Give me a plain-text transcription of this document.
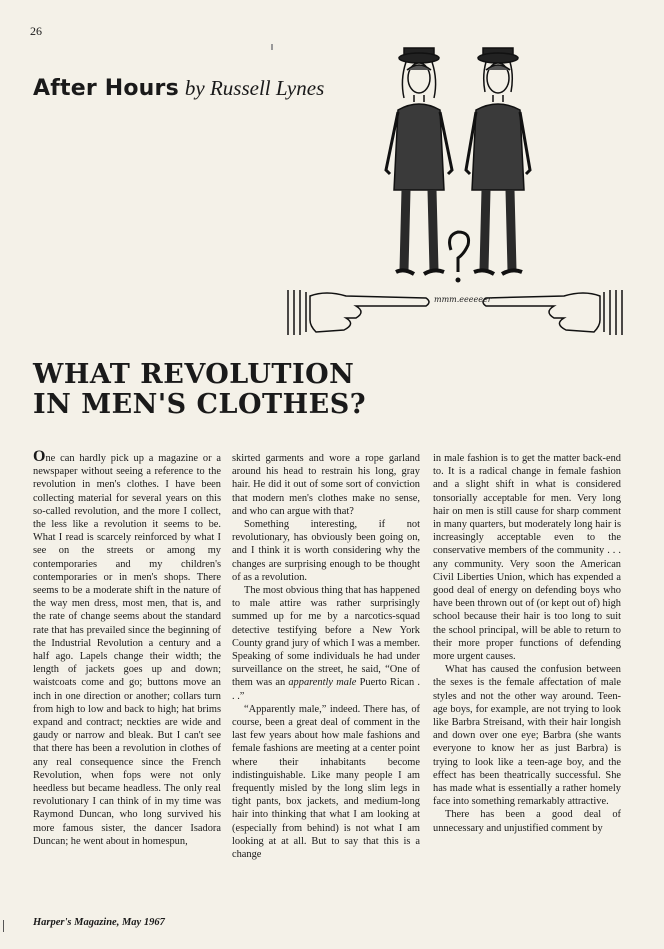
26
After Hours by Russell Lynes
mmm.eeeeeer
WHAT REVOLUTION
IN MEN'S CLOTHES?

One can hardly pick up a magazine or a newspaper without seeing a reference to the revolution in men's clothes. I have been collecting material for several years on this so-called revolution, and the more I collect, the less like a revolution it seems to be. What I read is scarcely reinforced by what I see on the streets or among my contemporaries and my children's contemporaries or in men's shops. There seems to be a moderate shift in the nature of the way men dress, most men, that is, and the rate of change seems about the standard rate that has prevailed since the beginning of the Industrial Revolution a century and a half ago. Lapels change their width; the length of jackets goes up and down; waistcoats come and go; buttons move an inch in one direction or another; collars turn from high to low and back to high; hat brims expand and contract; neckties are wide and gaudy or narrow and bleak. But I can't see that there has been a revolution in clothes of any real consequence since the French Revolution, when fops were not only heedless but became headless. The only real revolutionary I can think of in my time was Raymond Duncan, who long survived his more famous sister, the dancer Isadora Duncan; he went about in homespun,

skirted garments and wore a rope garland around his head to restrain his long, gray hair. He did it out of some sort of conviction that modern men's clothes make no sense, and who can argue with that?

Something interesting, if not revolutionary, has obviously been going on, and I think it is worth considering why the changes are surprising enough to be thought of as a revolution.

The most obvious thing that has happened to male attire was rather surprisingly summed up for me by a narcotics-squad detective testifying before a New York County grand jury of which I was a member. Speaking of some individuals he had under surveillance on the street, he said, “One of them was an apparently male Puerto Rican . . .”

“Apparently male,” indeed. There has, of course, been a great deal of comment in the last few years about how male fashions and female fashions are meeting at a center point where their inhabitants become indistinguishable. Like many people I am frequently misled by the long slim legs in tight pants, box jackets, and medium-long hair into thinking that what I am looking at (especially from behind) is not what I am looking at at all. But to say that this is a change

in male fashion is to get the matter back-end to. It is a radical change in female fashion and a slight shift in what is considered tonsorially acceptable for men. Very long hair on men is still cause for sharp comment in many quarters, but moderately long hair is increasingly acceptable even to the conservative members of the community . . . any community. Very soon the American Civil Liberties Union, which has expended a good deal of energy on defending boys who have been thrown out of (or kept out of) high school because their hair is too long to suit the school principal, will be able to return to their more proper functions of defending more urgent causes.

What has caused the confusion between the sexes is the female affectation of male styles and not the other way around. Teen-age boys, for example, are not trying to look like Barbra Streisand, with their hair longish and down over one eye; Barbra (she wants everyone to know her as just Barbra) is trying to look like a teen-age boy, and the effect has been theatrically successful. She has made what is essentially a rather homely face into something remarkably attractive.

There has been a good deal of unnecessary and unjustified comment by

Harper's Magazine, May 1967
